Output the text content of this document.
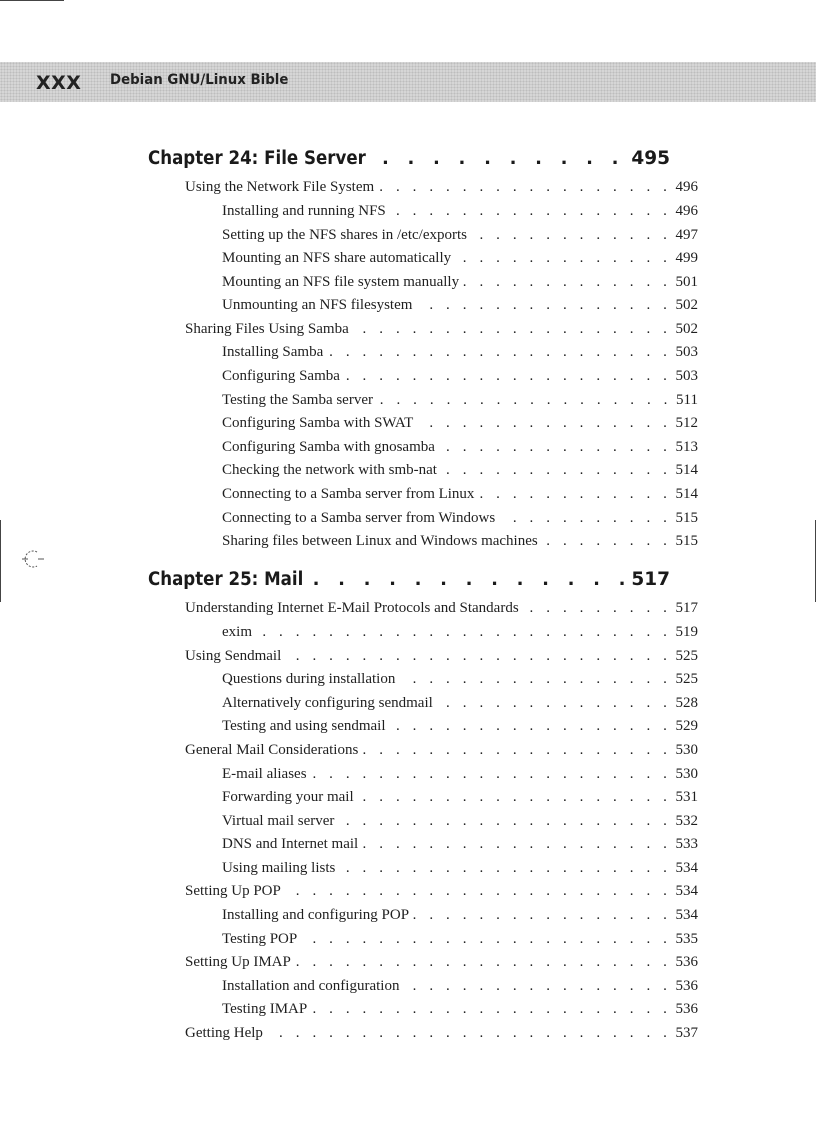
XXX Debian GNU/Linux Bible
Chapter 24: File Server . . .	495
Using the Network File System . . .	496
Installing and running NFS . . .	496
Setting up the NFS shares in /etc/exports . . .	497
Mounting an NFS share automatically . . .	499
Mounting an NFS file system manually . . .	501
Unmounting an NFS filesystem . . .	502
Sharing Files Using Samba . . .	502
Installing Samba . . .	503
Configuring Samba . . .	503
Testing the Samba server . . .	511
Configuring Samba with SWAT . . .	512
Configuring Samba with gnosamba . . .	513
Checking the network with smb-nat . . .	514
Connecting to a Samba server from Linux . . .	514
Connecting to a Samba server from Windows . . .	515
Sharing files between Linux and Windows machines . . .	515
Chapter 25: Mail . . .	517
Understanding Internet E-Mail Protocols and Standards . . .	517
exim . . .	519
Using Sendmail . . .	525
Questions during installation . . .	525
Alternatively configuring sendmail . . .	528
Testing and using sendmail . . .	529
General Mail Considerations . . .	530
E-mail aliases . . .	530
Forwarding your mail . . .	531
Virtual mail server . . .	532
DNS and Internet mail . . .	533
Using mailing lists . . .	534
Setting Up POP . . .	534
Installing and configuring POP . . .	534
Testing POP . . .	535
Setting Up IMAP . . .	536
Installation and configuration . . .	536
Testing IMAP . . .	536
Getting Help . . .	537
